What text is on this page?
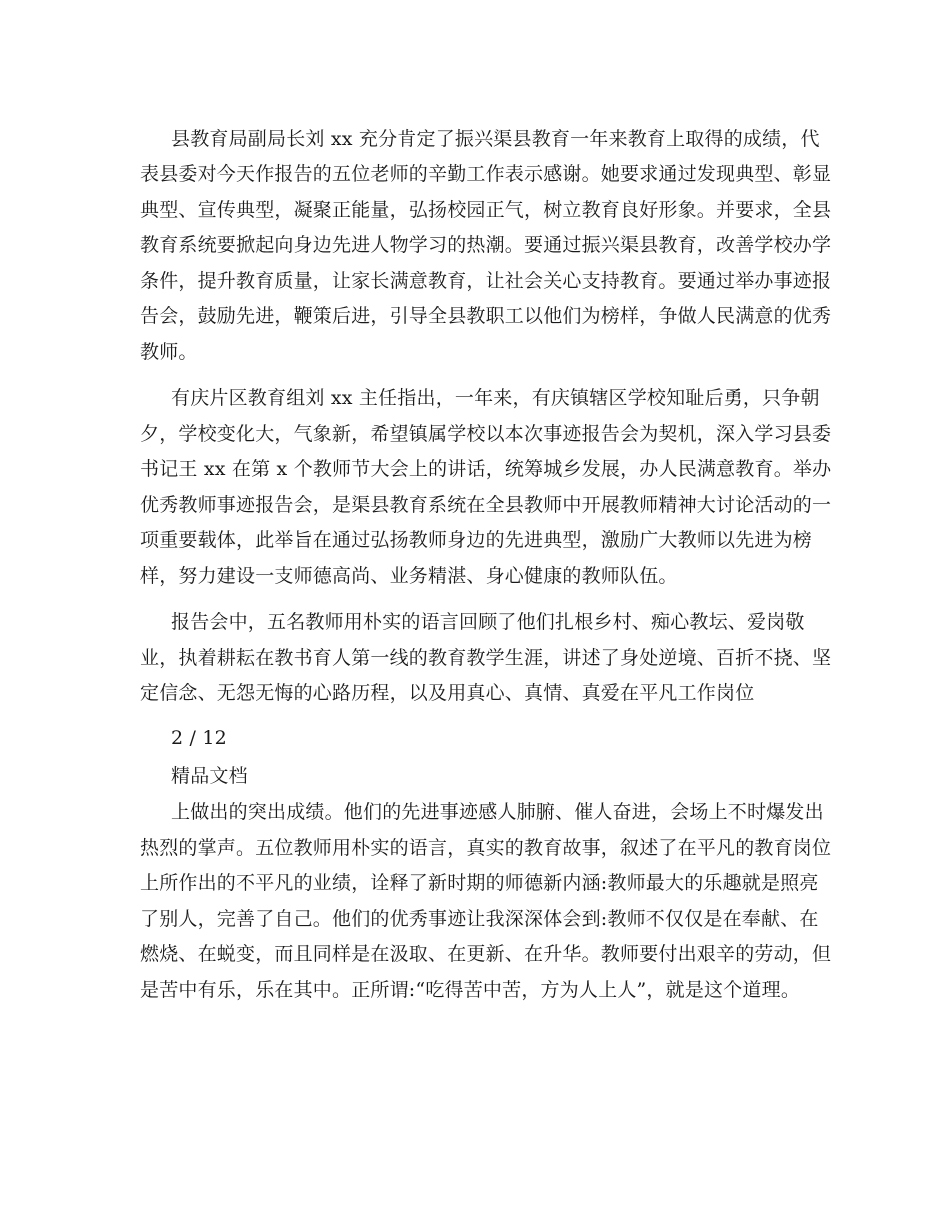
县教育局副局长刘 xx 充分肯定了振兴渠县教育一年来教育上取得的成绩，代
表县委对今天作报告的五位老师的辛勤工作表示感谢。她要求通过发现典型、彰显
典型、宣传典型，凝聚正能量，弘扬校园正气，树立教育良好形象。并要求，全县
教育系统要掀起向身边先进人物学习的热潮。要通过振兴渠县教育，改善学校办学
条件，提升教育质量，让家长满意教育，让社会关心支持教育。要通过举办事迹报
告会，鼓励先进，鞭策后进，引导全县教职工以他们为榜样，争做人民满意的优秀
教师。
有庆片区教育组刘 xx 主任指出，一年来，有庆镇辖区学校知耻后勇，只争朝
夕，学校变化大，气象新，希望镇属学校以本次事迹报告会为契机，深入学习县委
书记王 xx 在第 x 个教师节大会上的讲话，统筹城乡发展，办人民满意教育。举办
优秀教师事迹报告会，是渠县教育系统在全县教师中开展教师精神大讨论活动的一
项重要载体，此举旨在通过弘扬教师身边的先进典型，激励广大教师以先进为榜
样，努力建设一支师德高尚、业务精湛、身心健康的教师队伍。
报告会中，五名教师用朴实的语言回顾了他们扎根乡村、痴心教坛、爱岗敬
业，执着耕耘在教书育人第一线的教育教学生涯，讲述了身处逆境、百折不挠、坚
定信念、无怨无悔的心路历程，以及用真心、真情、真爱在平凡工作岗位
2 / 12
精品文档
上做出的突出成绩。他们的先进事迹感人肺腑、催人奋进，会场上不时爆发出
热烈的掌声。五位教师用朴实的语言，真实的教育故事，叙述了在平凡的教育岗位
上所作出的不平凡的业绩，诠释了新时期的师德新内涵:教师最大的乐趣就是照亮
了别人，完善了自己。他们的优秀事迹让我深深体会到:教师不仅仅是在奉献、在
燃烧、在蜕变，而且同样是在汲取、在更新、在升华。教师要付出艰辛的劳动，但
是苦中有乐，乐在其中。正所谓:“吃得苦中苦，方为人上人”，就是这个道理。
